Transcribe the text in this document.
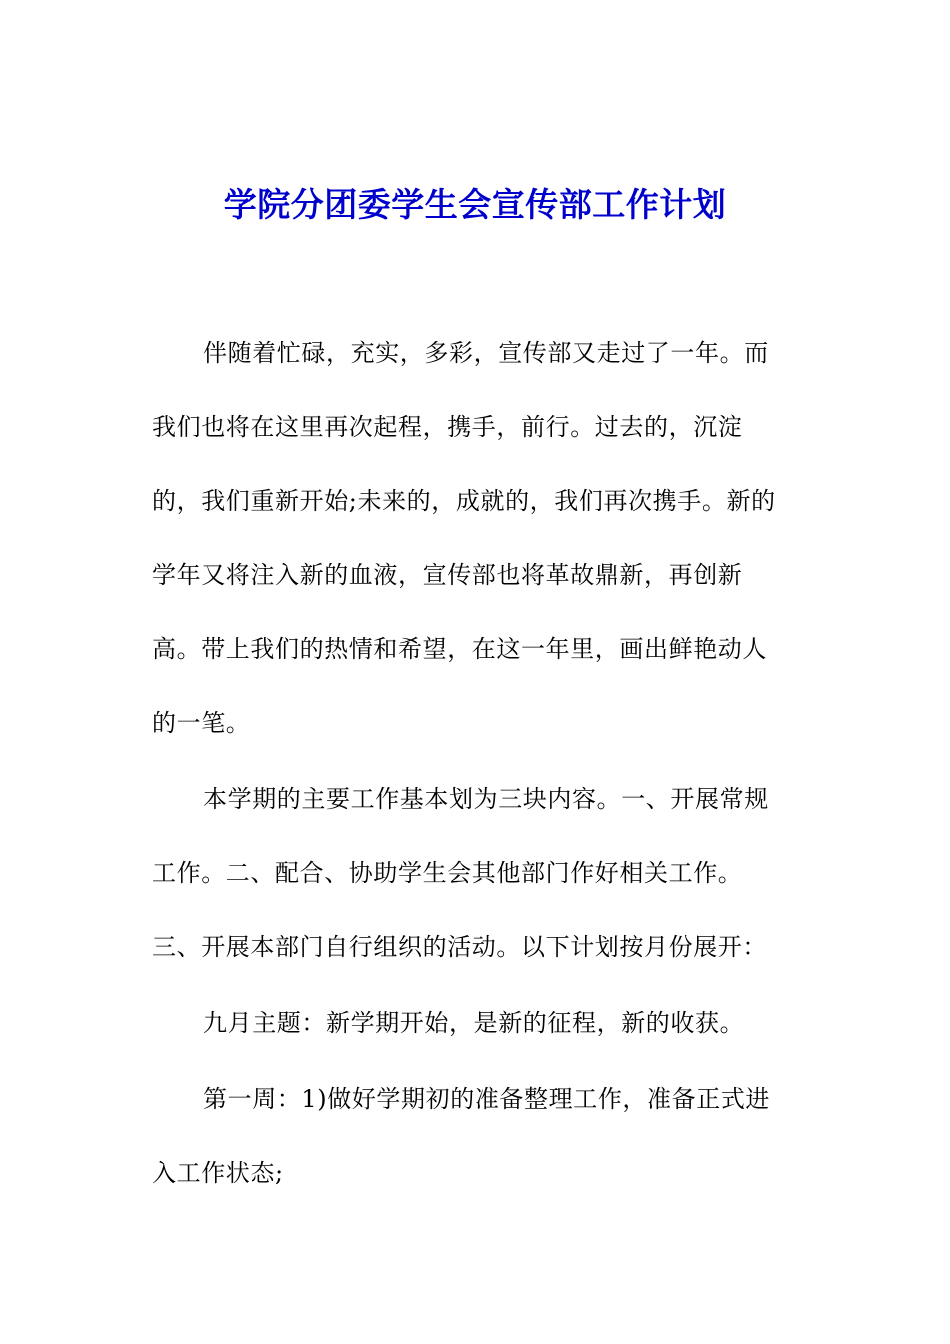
学院分团委学生会宣传部工作计划
伴随着忙碌，充实，多彩，宣传部又走过了一年。而
我们也将在这里再次起程，携手，前行。过去的，沉淀
的，我们重新开始;未来的，成就的，我们再次携手。新的
学年又将注入新的血液，宣传部也将革故鼎新，再创新
高。带上我们的热情和希望，在这一年里，画出鲜艳动人
的一笔。
本学期的主要工作基本划为三块内容。一、开展常规
工作。二、配合、协助学生会其他部门作好相关工作。
三、开展本部门自行组织的活动。以下计划按月份展开：
九月主题：新学期开始，是新的征程，新的收获。
第一周：1)做好学期初的准备整理工作，准备正式进
入工作状态;
